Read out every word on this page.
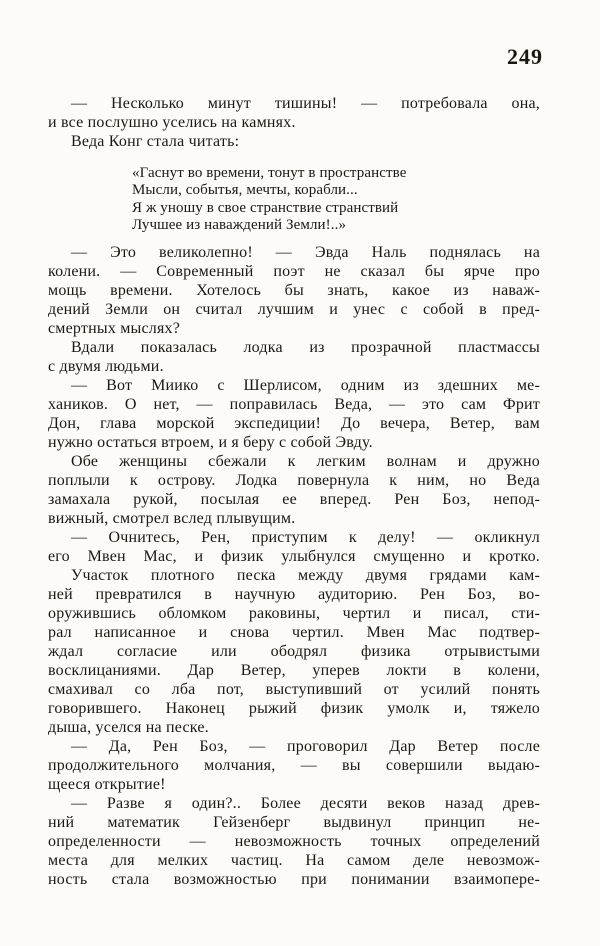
249
— Несколько минут тишины! — потребовала она,
и все послушно уселись на камнях.
Веда Конг стала читать:
«Гаснут во времени, тонут в пространстве
Мысли, событья, мечты, корабли...
Я ж уношу в свое странствие странствий
Лучшее из наваждений Земли!..»
— Это великолепно! — Эвда Наль поднялась на
колени. — Современный поэт не сказал бы ярче про
мощь времени. Хотелось бы знать, какое из наваж-
дений Земли он считал лучшим и унес с собой в пред-
смертных мыслях?
Вдали показалась лодка из прозрачной пластмассы
с двумя людьми.
— Вот Миико с Шерлисом, одним из здешних ме-
хаников. О нет, — поправилась Веда, — это сам Фрит
Дон, глава морской экспедиции! До вечера, Ветер, вам
нужно остаться втроем, и я беру с собой Эвду.
Обе женщины сбежали к легким волнам и дружно
поплыли к острову. Лодка повернула к ним, но Веда
замахала рукой, посылая ее вперед. Рен Боз, непод-
вижный, смотрел вслед плывущим.
— Очнитесь, Рен, приступим к делу! — окликнул
его Мвен Мас, и физик улыбнулся смущенно и кротко.
Участок плотного песка между двумя грядами кам-
ней превратился в научную аудиторию. Рен Боз, во-
оружившись обломком раковины, чертил и писал, сти-
рал написанное и снова чертил. Мвен Мас подтвер-
ждал согласие или ободрял физика отрывистыми
восклицаниями. Дар Ветер, уперев локти в колени,
смахивал со лба пот, выступивший от усилий понять
говорившего. Наконец рыжий физик умолк и, тяжело
дыша, уселся на песке.
— Да, Рен Боз, — проговорил Дар Ветер после
продолжительного молчания, — вы совершили выдаю-
щееся открытие!
— Разве я один?.. Более десяти веков назад древ-
ний математик Гейзенберг выдвинул принцип не-
определенности — невозможность точных определений
места для мелких частиц. На самом деле невозмож-
ность стала возможностью при понимании взаимопере-
